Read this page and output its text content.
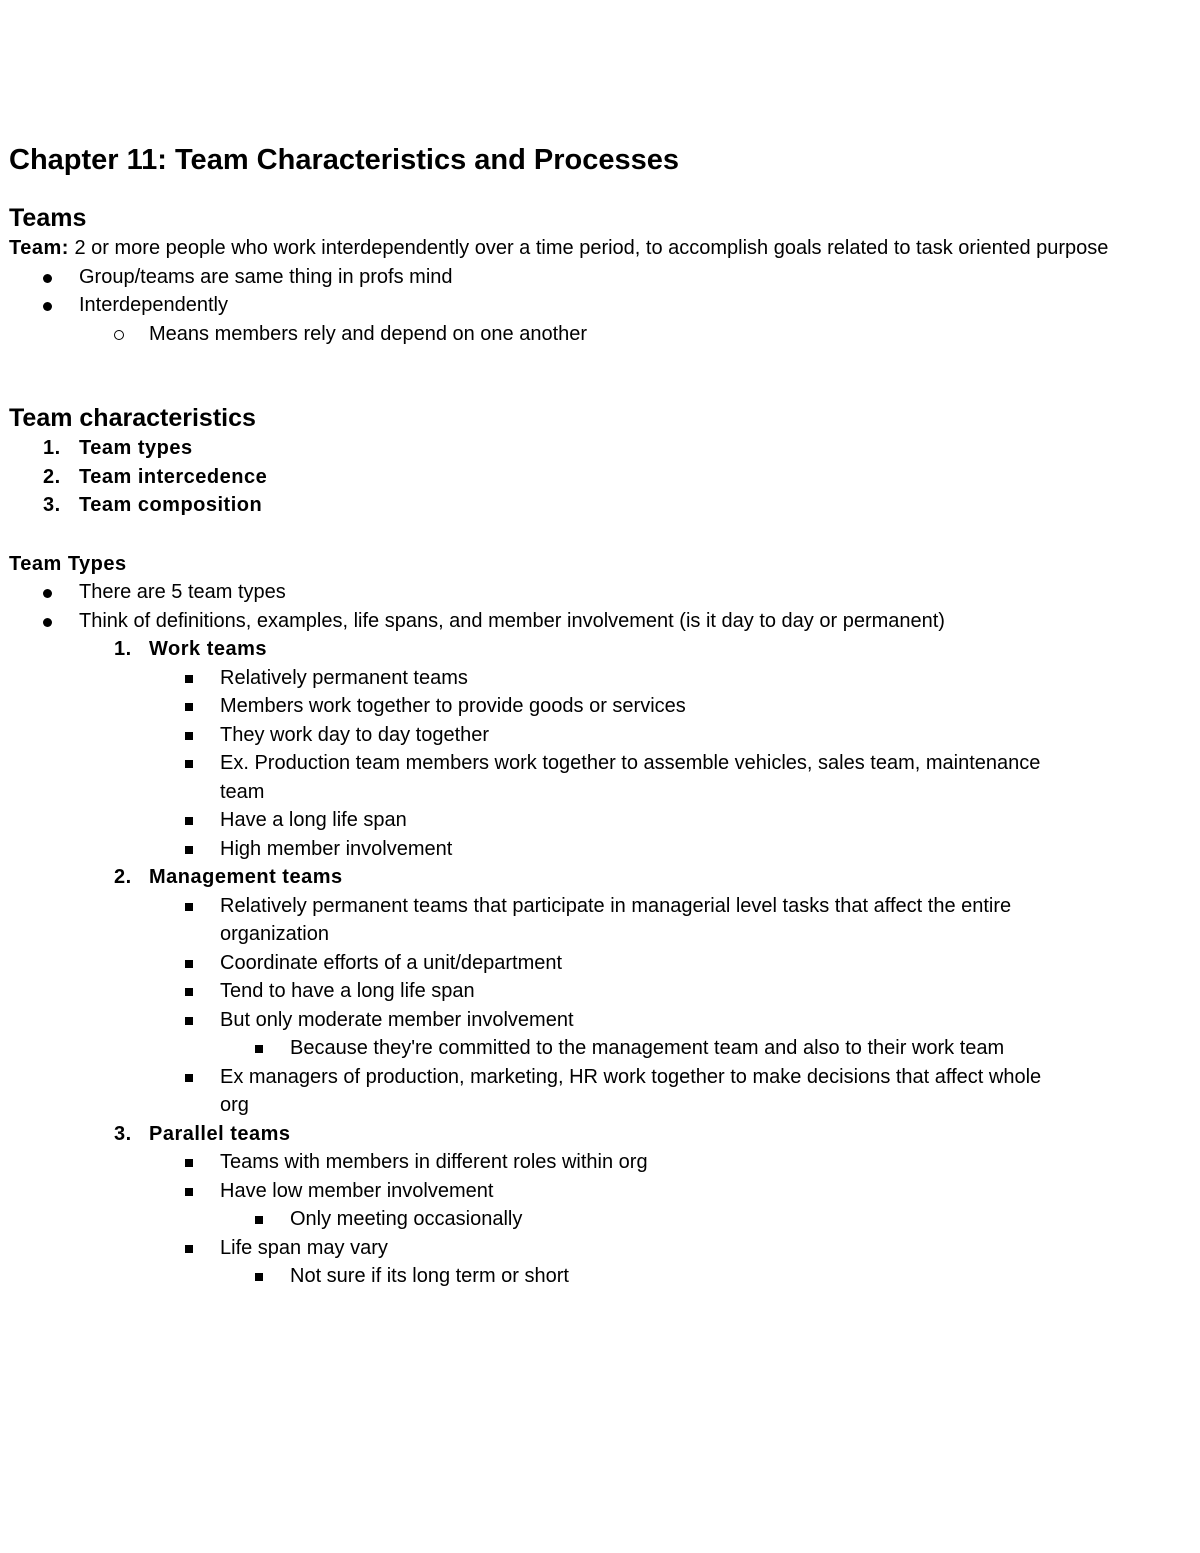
Chapter 11: Team Characteristics and Processes
Teams
Team: 2 or more people who work interdependently over a time period, to accomplish goals related to task oriented purpose
Group/teams are same thing in profs mind
Interdependently
Means members rely and depend on one another
Team characteristics
1. Team types
2. Team intercedence
3. Team composition
Team Types
There are 5 team types
Think of definitions, examples, life spans, and member involvement (is it day to day or permanent)
1. Work teams
Relatively permanent teams
Members work together to provide goods or services
They work day to day together
Ex. Production team members work together to assemble vehicles, sales team, maintenance team
Have a long life span
High member involvement
2. Management teams
Relatively permanent teams that participate in managerial level tasks that affect the entire organization
Coordinate efforts of a unit/department
Tend to have a long life span
But only moderate member involvement
Because they're committed to the management team and also to their work team
Ex managers of production, marketing, HR work together to make decisions that affect whole org
3. Parallel teams
Teams with members in different roles within org
Have low member involvement
Only meeting occasionally
Life span may vary
Not sure if its long term or short
